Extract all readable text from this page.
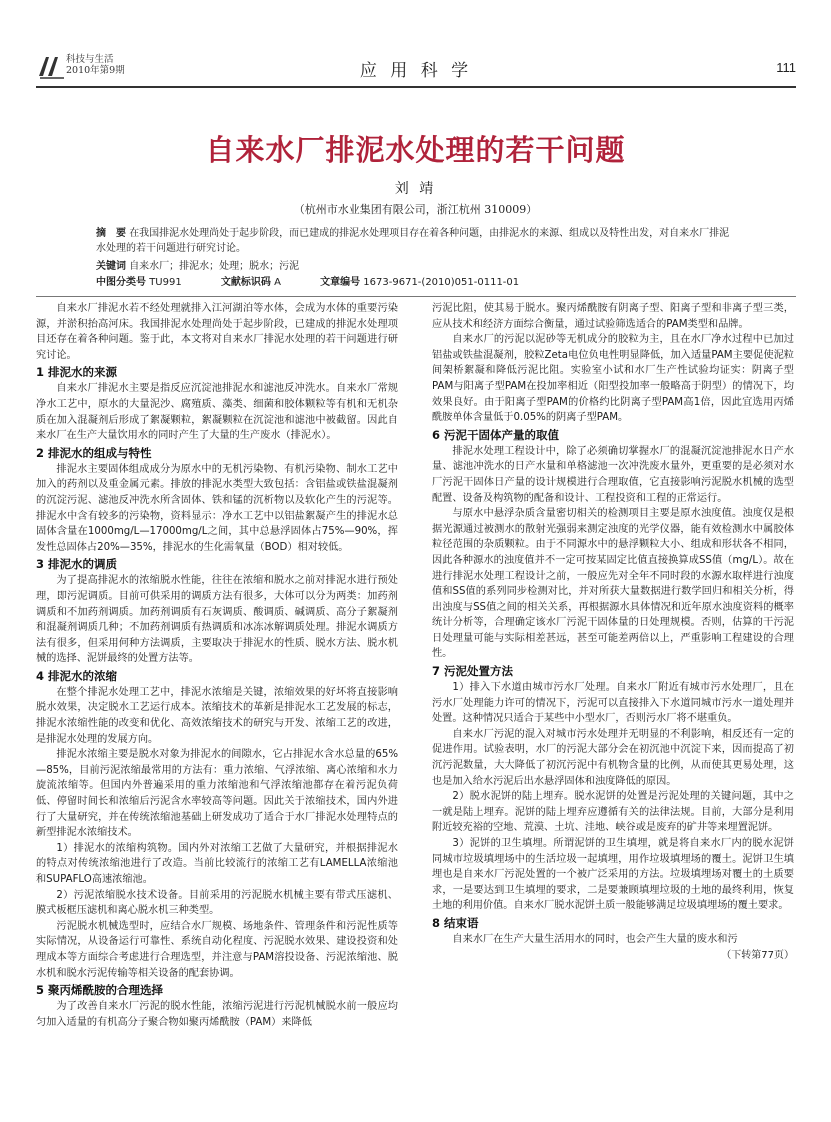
科技与生活
2010年第9期	应 用 科 学	111
自来水厂排泥水处理的若干问题
刘 靖
（杭州市水业集团有限公司，浙江杭州 310009）
摘　要 在我国排泥水处理尚处于起步阶段，而已建成的排泥水处理项目存在着各种问题，由排泥水的来源、组成以及特性出发，对自来水厂排泥水处理的若干问题进行研究讨论。
关键词 自来水厂；排泥水；处理；脱水；污泥
中图分类号 TU991	文献标识码 A	文章编号 1673-9671-(2010)051-0111-01

自来水厂排泥水若不经处理就排入江河湖泊等水体，会成为水体的重要污染源，并淤积抬高河床。我国排泥水处理尚处于起步阶段，已建成的排泥水处理项目还存在着各种问题。鉴于此，本文将对自来水厂排泥水处理的若干问题进行研究讨论。

1 排泥水的来源

自来水厂排泥水主要是指反应沉淀池排泥水和滤池反冲洗水。自来水厂常规净水工艺中，原水的大量泥沙、腐殖质、藻类、细菌和胶体颗粒等有机和无机杂质在加入混凝剂后形成了絮凝颗粒，絮凝颗粒在沉淀池和滤池中被截留。因此自来水厂在生产大量饮用水的同时产生了大量的生产废水（排泥水）。

2 排泥水的组成与特性

排泥水主要固体组成成分为原水中的无机污染物、有机污染物、制水工艺中加入的药剂以及重金属元素。排放的排泥水类型大致包括：含铝盐或铁盐混凝剂的沉淀污泥、滤池反冲洗水所含固体、铁和锰的沉析物以及软化产生的污泥等。排泥水中含有较多的污染物，资料显示：净水工艺中以铝盐絮凝产生的排泥水总固体含量在1000mg/L—17000mg/L之间，其中总悬浮固体占75%—90%，挥发性总固体占20%—35%，排泥水的生化需氧量（BOD）相对较低。

3 排泥水的调质

为了提高排泥水的浓缩脱水性能，往往在浓缩和脱水之前对排泥水进行预处理，即污泥调质。目前可供采用的调质方法有很多，大体可以分为两类：加药剂调质和不加药剂调质。加药剂调质有石灰调质、酸调质、碱调质、高分子絮凝剂和混凝剂调质几种；不加药剂调质有热调质和冰冻冰解调质处理。排泥水调质方法有很多，但采用何种方法调质，主要取决于排泥水的性质、脱水方法、脱水机械的选择、泥饼最终的处置方法等。

4 排泥水的浓缩

在整个排泥水处理工艺中，排泥水浓缩是关键，浓缩效果的好坏将直接影响脱水效果，决定脱水工艺运行成本。浓缩技术的革新是排泥水工艺发展的标志，排泥水浓缩性能的改变和优化、高效浓缩技术的研究与开发、浓缩工艺的改进，是排泥水处理的发展方向。

排泥水浓缩主要是脱水对象为排泥水的间隙水，它占排泥水含水总量的65%—85%，目前污泥浓缩最常用的方法有：重力浓缩、气浮浓缩、离心浓缩和水力旋流浓缩等。但国内外普遍采用的重力浓缩池和气浮浓缩池都存在着污泥负荷低、停留时间长和浓缩后污泥含水率较高等问题。因此关于浓缩技术，国内外进行了大量研究，并在传统浓缩池基础上研发成功了适合于水厂排泥水处理特点的新型排泥水浓缩技术。

1）排泥水的浓缩构筑物。国内外对浓缩工艺做了大量研究，并根据排泥水的特点对传统浓缩池进行了改造。当前比较流行的浓缩工艺有LAMELLA浓缩池和SUPAFLO高速浓缩池。

2）污泥浓缩脱水技术设备。目前采用的污泥脱水机械主要有带式压滤机、膜式板框压滤机和离心脱水机三种类型。

污泥脱水机械选型时，应结合水厂规模、场地条件、管理条件和污泥性质等实际情况，从设备运行可靠性、系统自动化程度、污泥脱水效果、建设投资和处理成本等方面综合考虑进行合理选型，并注意与PAM溶投设备、污泥浓缩池、脱水机和脱水污泥传输等相关设备的配套协调。

5 聚丙烯酰胺的合理选择

为了改善自来水厂污泥的脱水性能，浓缩污泥进行污泥机械脱水前一般应均匀加入适量的有机高分子聚合物如聚丙烯酰胺（PAM）来降低

污泥比阻，使其易于脱水。聚丙烯酰胺有阴离子型、阳离子型和非离子型三类，应从技术和经济方面综合衡量，通过试验筛选适合的PAM类型和品牌。

自来水厂的污泥以泥砂等无机成分的胶粒为主，且在水厂净水过程中已加过铝盐或铁盐混凝剂，胶粒Zeta电位负电性明显降低，加入适量PAM主要促使泥粒间架桥絮凝和降低污泥比阻。实验室小试和水厂生产性试验均证实：阴离子型PAM与阳离子型PAM在投加率相近（阳型投加率一般略高于阴型）的情况下，均效果良好。由于阳离子型PAM的价格约比阴离子型PAM高1倍，因此宜选用丙烯酰胺单体含量低于0.05%的阴离子型PAM。

6 污泥干固体产量的取值

排泥水处理工程设计中，除了必须确切掌握水厂的混凝沉淀池排泥水日产水量、滤池冲洗水的日产水量和单格滤池一次冲洗废水量外，更重要的是必须对水厂污泥干固体日产量的设计规模进行合理取值，它直接影响污泥脱水机械的选型配置、设备及构筑物的配备和设计、工程投资和工程的正常运行。

与原水中悬浮杂质含量密切相关的检测项目主要是原水浊度值。浊度仅是根据光源通过被测水的散射光强弱来测定浊度的光学仪器，能有效检测水中属胶体粒径范围的杂质颗粒。由于不同源水中的悬浮颗粒大小、组成和形状各不相同，因此各种源水的浊度值并不一定可按某固定比值直接换算成SS值（mg/L）。故在进行排泥水处理工程设计之前，一般应先对全年不同时段的水源水取样进行浊度值和SS值的系列同步检测对比，并对所获大量数据进行数学回归和相关分析，得出浊度与SS值之间的相关关系，再根据源水具体情况和近年原水浊度资料的概率统计分析等，合理确定该水厂污泥干固体量的日处理规模。否则，估算的干污泥日处理量可能与实际相差甚远，甚至可能差两倍以上，严重影响工程建设的合理性。

7 污泥处置方法

1）排入下水道由城市污水厂处理。自来水厂附近有城市污水处理厂，且在污水厂处理能力许可的情况下，污泥可以直接排入下水道同城市污水一道处理并处置。这种情况只适合于某些中小型水厂，否则污水厂将不堪重负。

自来水厂污泥的混入对城市污水处理并无明显的不利影响，相反还有一定的促进作用。试验表明，水厂的污泥大部分会在初沉池中沉淀下来，因而提高了初沉污泥数量，大大降低了初沉污泥中有机物含量的比例，从而使其更易处理，这也是加入给水污泥后出水悬浮固体和浊度降低的原因。

2）脱水泥饼的陆上埋弃。脱水泥饼的处置是污泥处理的关键问题，其中之一就是陆上埋弃。泥饼的陆上埋弃应遵循有关的法律法规。目前，大部分是利用附近较充裕的空地、荒漠、土坑、洼地、峡谷或是废弃的矿井等来埋置泥饼。

3）泥饼的卫生填埋。所谓泥饼的卫生填埋，就是将自来水厂内的脱水泥饼同城市垃圾填埋场中的生活垃圾一起填埋，用作垃圾填埋场的覆土。泥饼卫生填埋也是自来水厂污泥处置的一个被广泛采用的方法。垃圾填埋场对覆土的土质要求，一是要达到卫生填埋的要求，二是要兼顾填埋垃圾的土地的最终利用，恢复土地的利用价值。自来水厂脱水泥饼土质一般能够满足垃圾填埋场的覆土要求。

8 结束语

自来水厂在生产大量生活用水的同时，也会产生大量的废水和污

（下转第77页）
